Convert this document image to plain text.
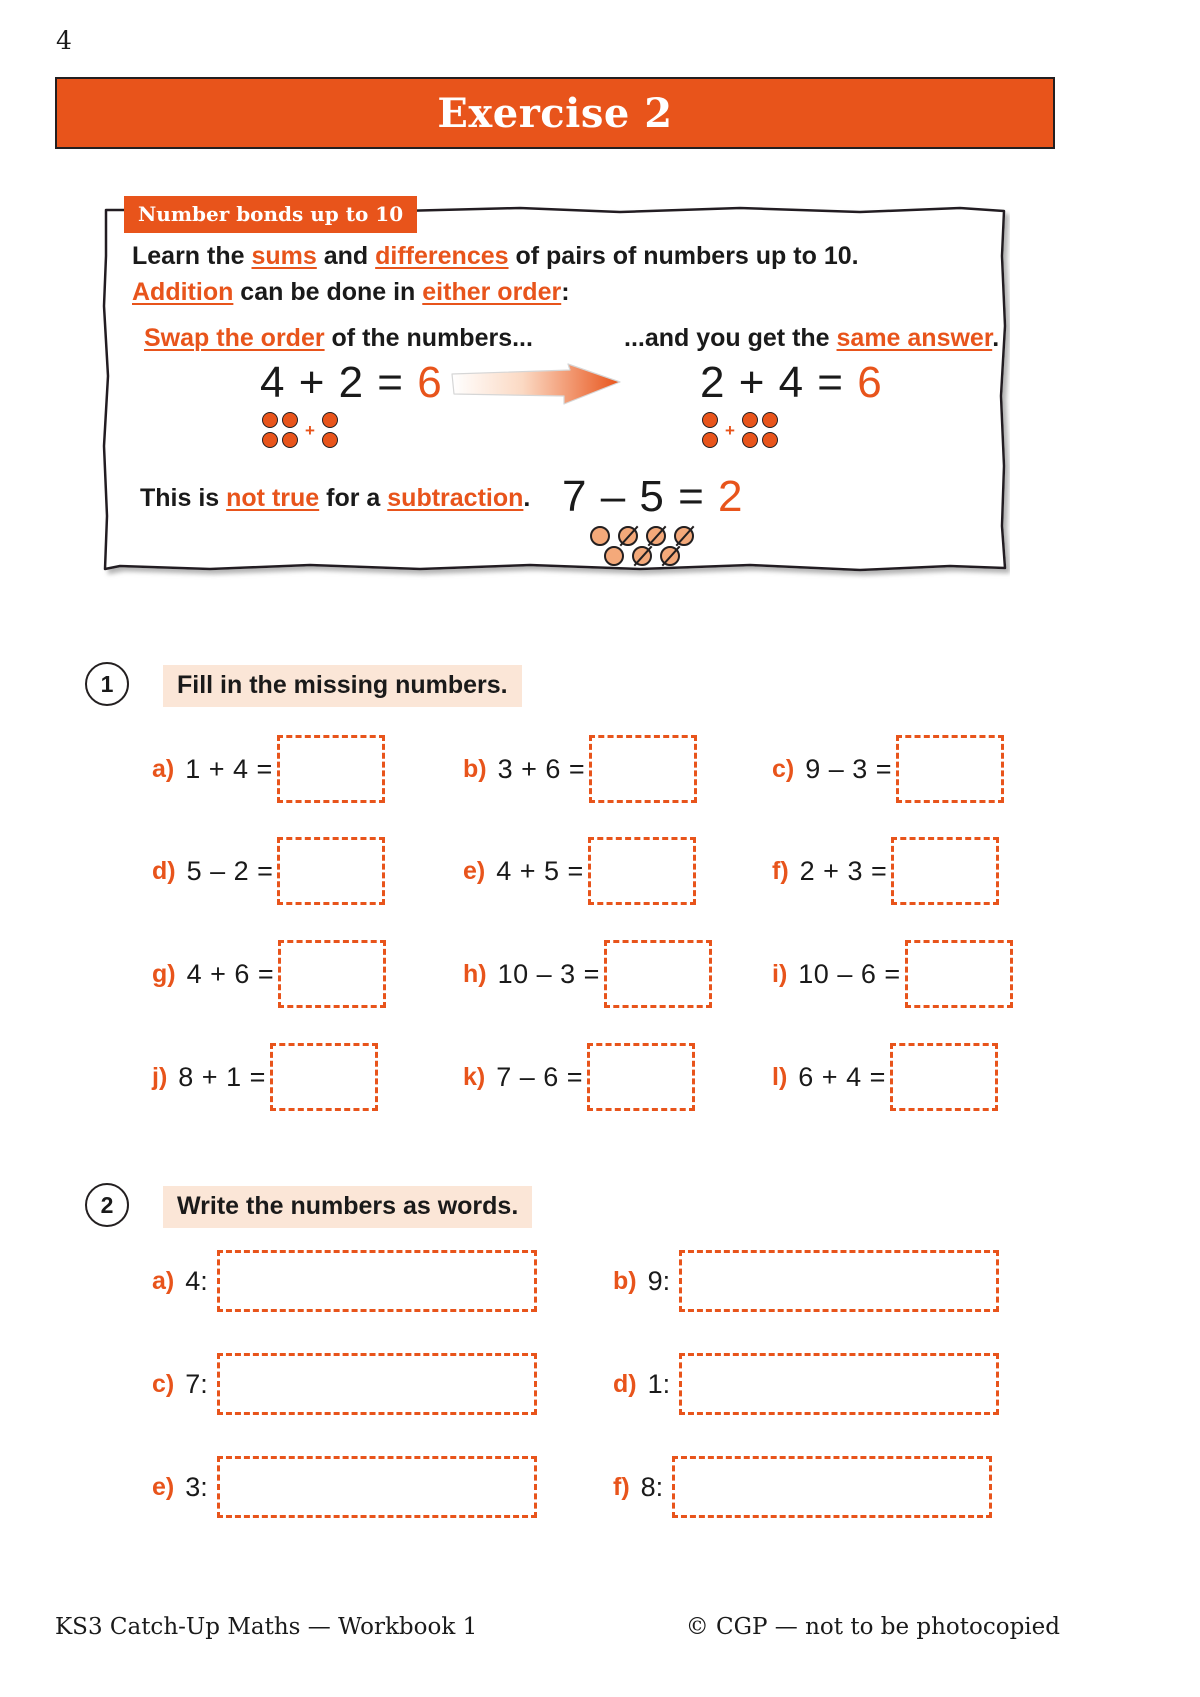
4
Exercise 2
Number bonds up to 10
Learn the sums and differences of pairs of numbers up to 10.
Addition can be done in either order:
Swap the order of the numbers...	...and you get the same answer.
4 + 2 = 6
+
2 + 4 = 6
+
This is not true for a subtraction. 7 – 5 = 2
1	Fill in the missing numbers.
a) 1 + 4 =	b) 3 + 6 =	c) 9 – 3 =
d) 5 – 2 =	e) 4 + 5 =	f) 2 + 3 =
g) 4 + 6 =	h) 10 – 3 =	i) 10 – 6 =
j) 8 + 1 =	k) 7 – 6 =	l) 6 + 4 =
2	Write the numbers as words.
a) 4:	b) 9:
c) 7:	d) 1:
e) 3:	f) 8:
KS3 Catch-Up Maths — Workbook 1	© CGP — not to be photocopied
